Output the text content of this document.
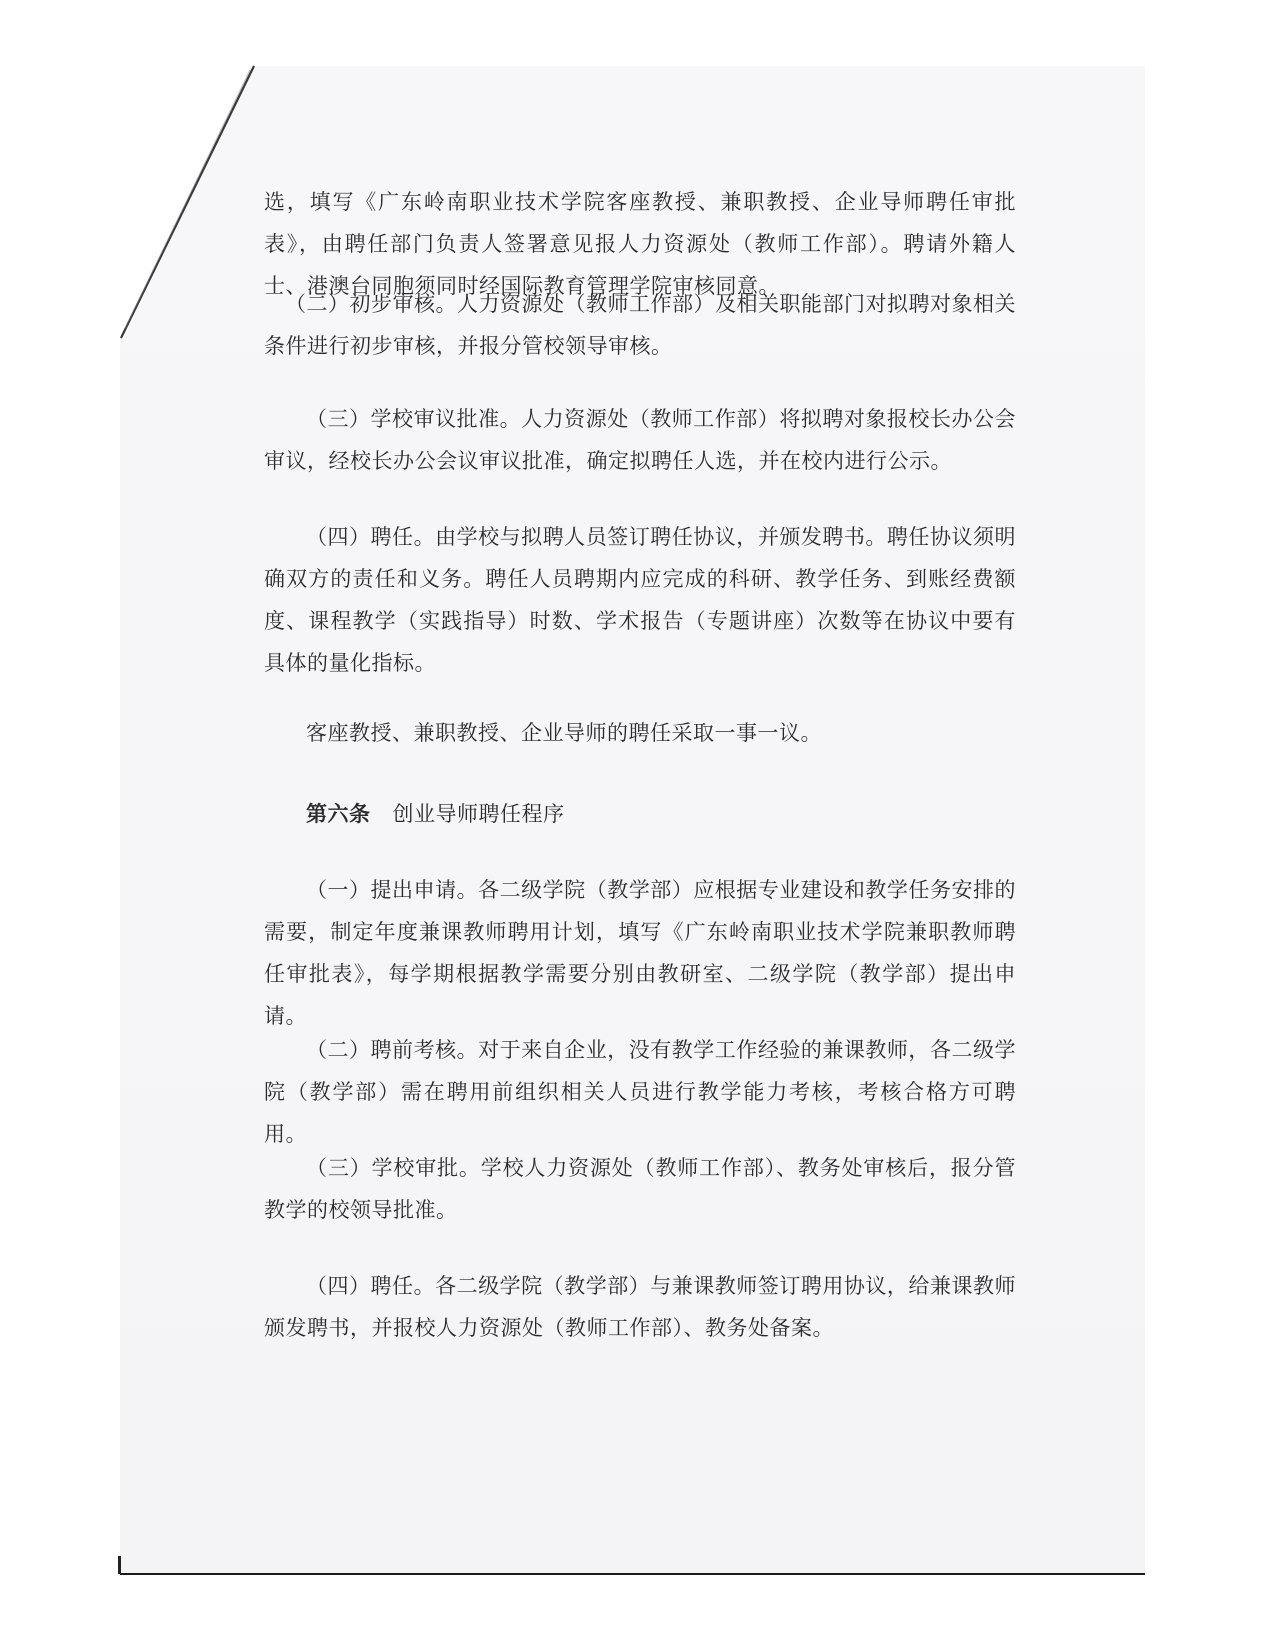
选，填写《广东岭南职业技术学院客座教授、兼职教授、企业导师聘任审批表》，由聘任部门负责人签署意见报人力资源处（教师工作部）。聘请外籍人士、港澳台同胞须同时经国际教育管理学院审核同意。

（二）初步审核。人力资源处（教师工作部）及相关职能部门对拟聘对象相关条件进行初步审核，并报分管校领导审核。

（三）学校审议批准。人力资源处（教师工作部）将拟聘对象报校长办公会审议，经校长办公会议审议批准，确定拟聘任人选，并在校内进行公示。

（四）聘任。由学校与拟聘人员签订聘任协议，并颁发聘书。聘任协议须明确双方的责任和义务。聘任人员聘期内应完成的科研、教学任务、到账经费额度、课程教学（实践指导）时数、学术报告（专题讲座）次数等在协议中要有具体的量化指标。

客座教授、兼职教授、企业导师的聘任采取一事一议。

第六条 创业导师聘任程序

（一）提出申请。各二级学院（教学部）应根据专业建设和教学任务安排的需要，制定年度兼课教师聘用计划，填写《广东岭南职业技术学院兼职教师聘任审批表》，每学期根据教学需要分别由教研室、二级学院（教学部）提出申请。

（二）聘前考核。对于来自企业，没有教学工作经验的兼课教师，各二级学院（教学部）需在聘用前组织相关人员进行教学能力考核，考核合格方可聘用。

（三）学校审批。学校人力资源处（教师工作部）、教务处审核后，报分管教学的校领导批准。

（四）聘任。各二级学院（教学部）与兼课教师签订聘用协议，给兼课教师颁发聘书，并报校人力资源处（教师工作部）、教务处备案。
